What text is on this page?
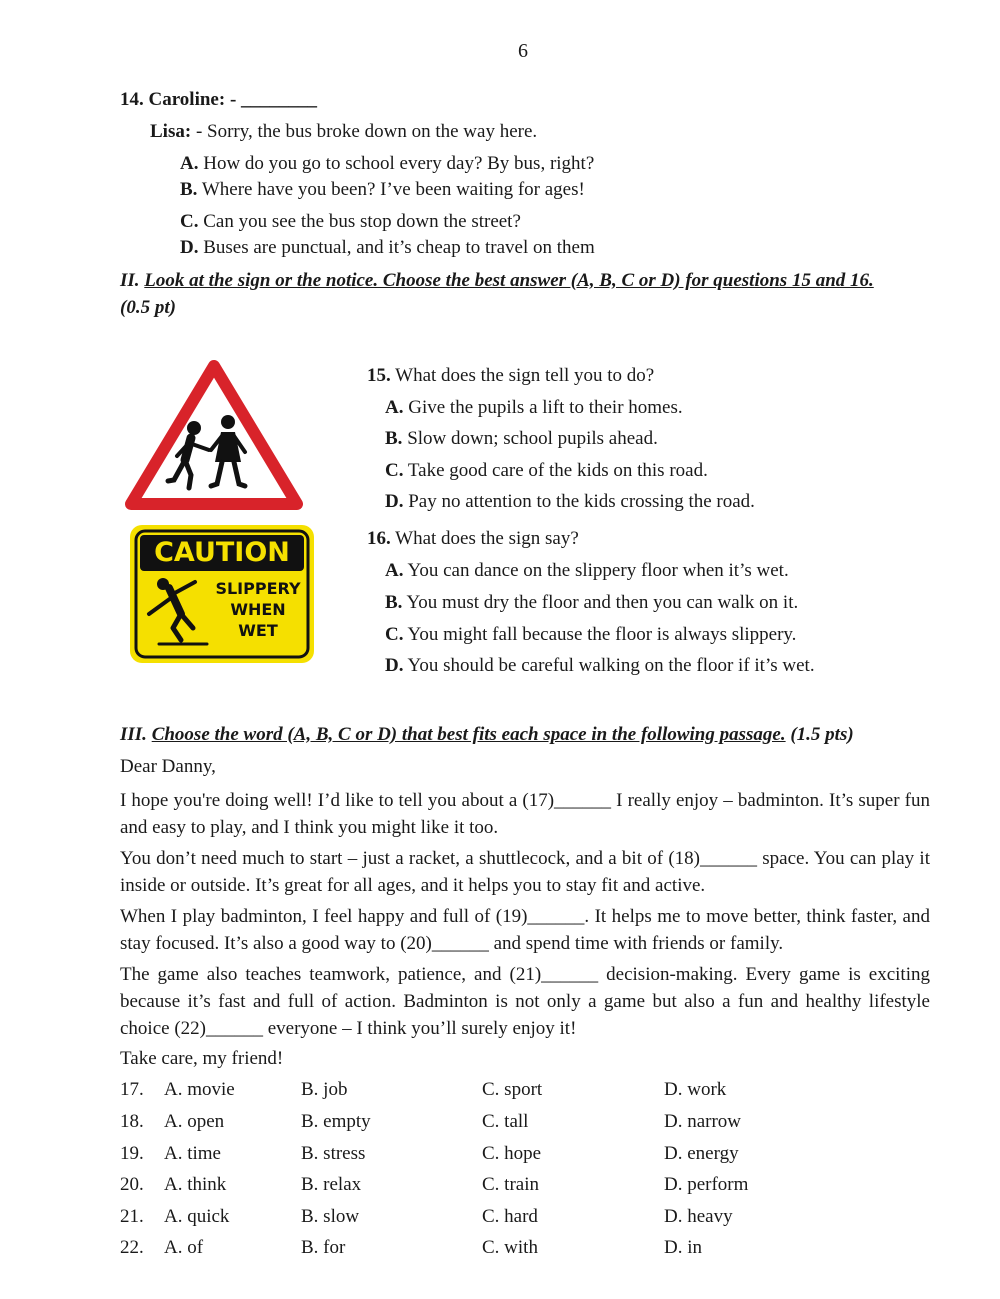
6
14. Caroline: - ________
Lisa: - Sorry, the bus broke down on the way here.
A. How do you go to school every day? By bus, right?
B. Where have you been? I’ve been waiting for ages!
C. Can you see the bus stop down the street?
D. Buses are punctual, and it’s cheap to travel on them
II. Look at the sign or the notice. Choose the best answer (A, B, C or D) for questions 15 and 16.
(0.5 pt)
CAUTION
SLIPPERY
WHEN
WET
15. What does the sign tell you to do?
A. Give the pupils a lift to their homes.
B. Slow down; school pupils ahead.
C. Take good care of the kids on this road.
D. Pay no attention to the kids crossing the road.
16. What does the sign say?
A. You can dance on the slippery floor when it’s wet.
B. You must dry the floor and then you can walk on it.
C. You might fall because the floor is always slippery.
D. You should be careful walking on the floor if it’s wet.
III. Choose the word (A, B, C or D) that best fits each space in the following passage. (1.5 pts)
Dear Danny,
I hope you're doing well! I’d like to tell you about a (17)______ I really enjoy – badminton. It’s super fun and easy to play, and I think you might like it too.
You don’t need much to start – just a racket, a shuttlecock, and a bit of (18)______ space. You can play it inside or outside. It’s great for all ages, and it helps you to stay fit and active.
When I play badminton, I feel happy and full of (19)______. It helps me to move better, think faster, and stay focused. It’s also a good way to (20)______ and spend time with friends or family.
The game also teaches teamwork, patience, and (21)______ decision-making. Every game is exciting because it’s fast and full of action. Badminton is not only a game but also a fun and healthy lifestyle choice (22)______ everyone – I think you’ll surely enjoy it!
Take care, my friend!
17. A. movie	B. job	C. sport	D. work
18. A. open	B. empty	C. tall	D. narrow
19. A. time	B. stress	C. hope	D. energy
20. A. think	B. relax	C. train	D. perform
21. A. quick	B. slow	C. hard	D. heavy
22. A. of	B. for	C. with	D. in
